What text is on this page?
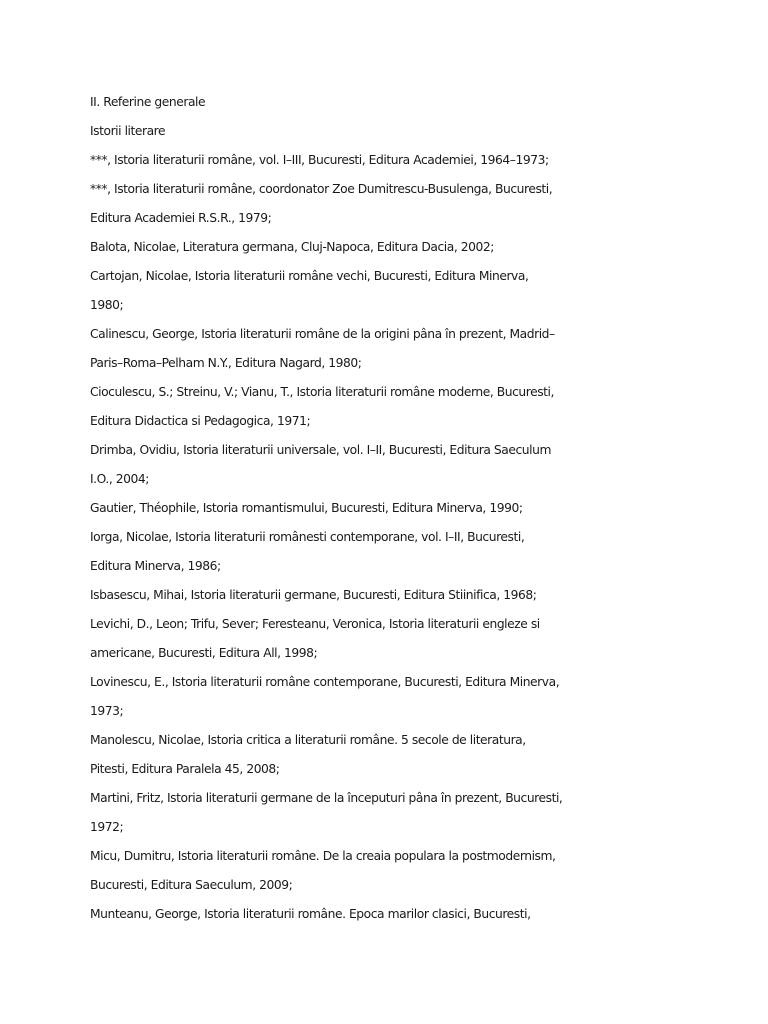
II. Referine generale

Istorii literare

***, Istoria literaturii române, vol. I–III, Bucuresti, Editura Academiei, 1964–1973;

***, Istoria literaturii române, coordonator Zoe Dumitrescu-Busulenga, Bucuresti,

Editura Academiei R.S.R., 1979;

Balota, Nicolae, Literatura germana, Cluj-Napoca, Editura Dacia, 2002;

Cartojan, Nicolae, Istoria literaturii române vechi, Bucuresti, Editura Minerva,

1980;

Calinescu, George, Istoria literaturii române de la origini pâna în prezent, Madrid–

Paris–Roma–Pelham N.Y., Editura Nagard, 1980;

Cioculescu, S.; Streinu, V.; Vianu, T., Istoria literaturii române moderne, Bucuresti,

Editura Didactica si Pedagogica, 1971;

Drimba, Ovidiu, Istoria literaturii universale, vol. I–II, Bucuresti, Editura Saeculum

I.O., 2004;

Gautier, Théophile, Istoria romantismului, Bucuresti, Editura Minerva, 1990;

Iorga, Nicolae, Istoria literaturii românesti contemporane, vol. I–II, Bucuresti,

Editura Minerva, 1986;

Isbasescu, Mihai, Istoria literaturii germane, Bucuresti, Editura Stiinifica, 1968;

Levichi, D., Leon; Trifu, Sever; Feresteanu, Veronica, Istoria literaturii engleze si

americane, Bucuresti, Editura All, 1998;

Lovinescu, E., Istoria literaturii române contemporane, Bucuresti, Editura Minerva,

1973;

Manolescu, Nicolae, Istoria critica a literaturii române. 5 secole de literatura,

Pitesti, Editura Paralela 45, 2008;

Martini, Fritz, Istoria literaturii germane de la începuturi pâna în prezent, Bucuresti,

1972;

Micu, Dumitru, Istoria literaturii române. De la creaia populara la postmodernism,

Bucuresti, Editura Saeculum, 2009;

Munteanu, George, Istoria literaturii române. Epoca marilor clasici, Bucuresti,
